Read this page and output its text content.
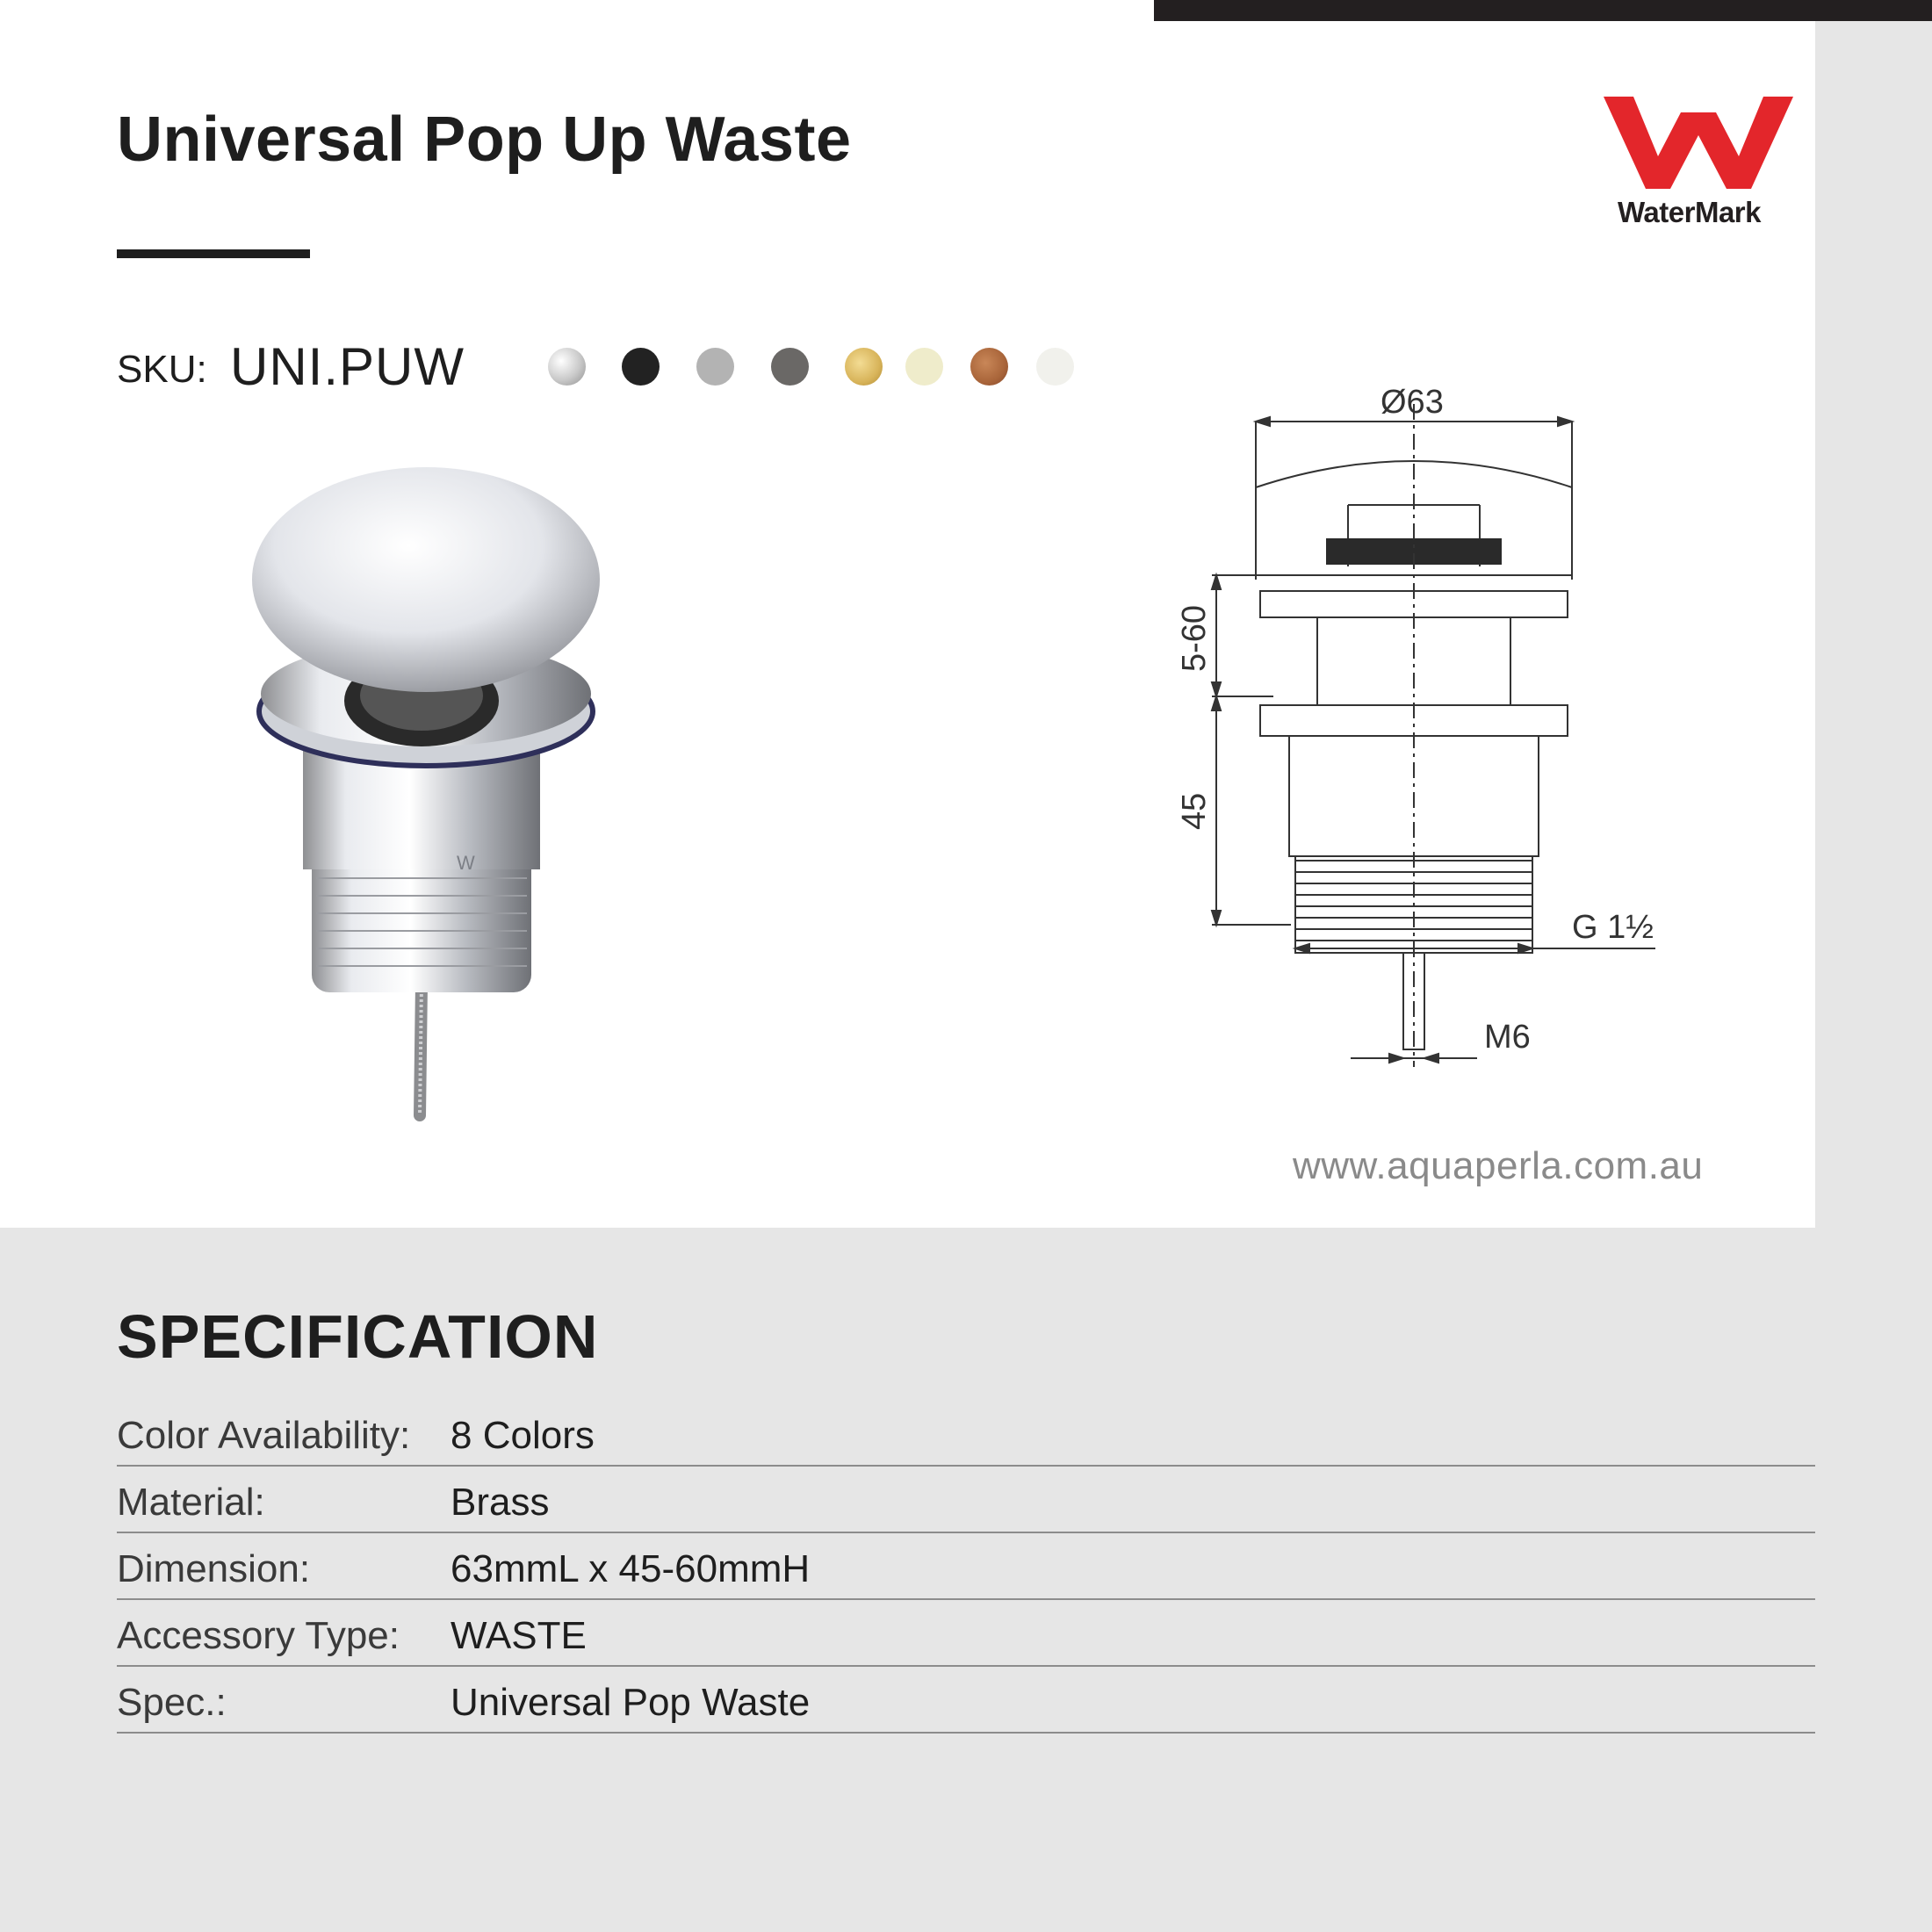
Universal Pop Up Waste
WaterMark
SKU: UNI.PUW
W
Ø63
5-60
45
G 1½
M6
www.aquaperla.com.au
SPECIFICATION
Color Availability: 8 Colors
Material:	Brass
Dimension:	63mmL x 45-60mmH
Accessory Type: WASTE
Spec.:	Universal Pop Waste
